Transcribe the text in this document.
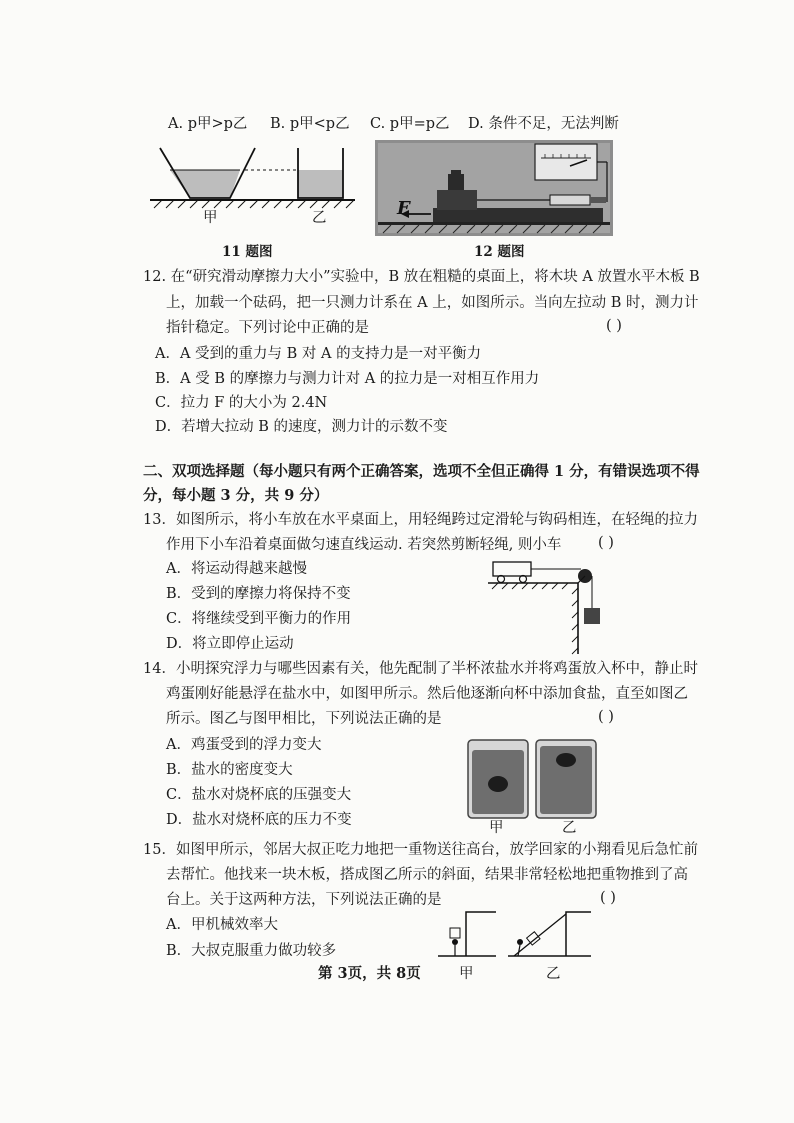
A. p甲>p乙 B. p甲<p乙 C. p甲=p乙 D. 条件不足，无法判断
甲	乙
11 题图
F
12 题图
12. 在“研究滑动摩擦力大小”实验中，B 放在粗糙的桌面上，将木块 A 放置水平木板 B
上，加载一个砝码，把一只测力计系在 A 上，如图所示。当向左拉动 B 时，测力计
指针稳定。下列讨论中正确的是	( )
A．A 受到的重力与 B 对 A 的支持力是一对平衡力
B．A 受 B 的摩擦力与测力计对 A 的拉力是一对相互作用力
C．拉力 F 的大小为 2.4N
D．若增大拉动 B 的速度，测力计的示数不变
二、双项选择题（每小题只有两个正确答案，选项不全但正确得 1 分，有错误选项不得
分，每小题 3 分，共 9 分）
13．如图所示，将小车放在水平桌面上，用轻绳跨过定滑轮与钩码相连，在轻绳的拉力
作用下小车沿着桌面做匀速直线运动. 若突然剪断轻绳, 则小车	( )
A．将运动得越来越慢
B．受到的摩擦力将保持不变
C．将继续受到平衡力的作用
D．将立即停止运动
14．小明探究浮力与哪些因素有关，他先配制了半杯浓盐水并将鸡蛋放入杯中，静止时
鸡蛋刚好能悬浮在盐水中，如图甲所示。然后他逐渐向杯中添加食盐，直至如图乙
所示。图乙与图甲相比，下列说法正确的是	( )
A．鸡蛋受到的浮力变大
B．盐水的密度变大
C．盐水对烧杯底的压强变大
D．盐水对烧杯底的压力不变	甲	乙
15．如图甲所示，邻居大叔正吃力地把一重物送往高台，放学回家的小翔看见后急忙前
去帮忙。他找来一块木板，搭成图乙所示的斜面，结果非常轻松地把重物推到了高
台上。关于这两种方法，下列说法正确的是	( )
A．甲机械效率大
B．大叔克服重力做功较多
甲	乙
第 3页，共 8页
